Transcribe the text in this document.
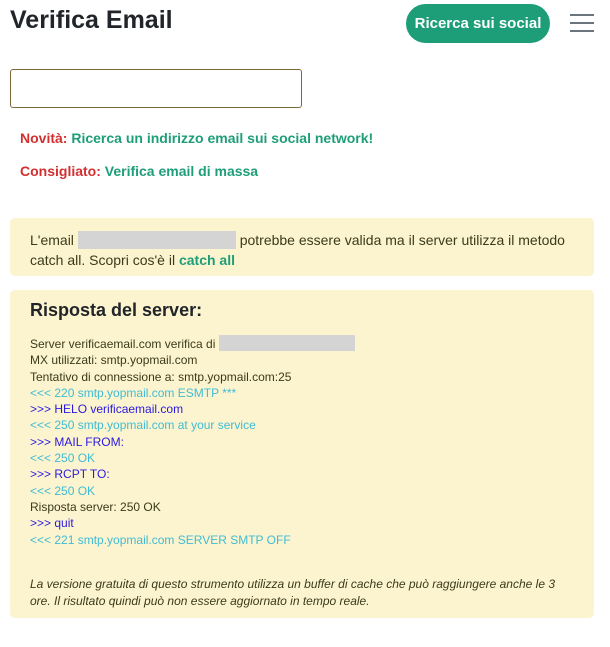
Verifica Email	Ricerca sui social
Novità: Ricerca un indirizzo email sui social network!
Consigliato: Verifica email di massa
L'email	potrebbe essere valida ma il server utilizza il metodo catch all. Scopri cos'è il catch all
Risposta del server:
Server verificaemail.com verifica di
MX utilizzati: smtp.yopmail.com
Tentativo di connessione a: smtp.yopmail.com:25
<<< 220 smtp.yopmail.com ESMTP ***
>>> HELO verificaemail.com
<<< 250 smtp.yopmail.com at your service
>>> MAIL FROM:
<<< 250 OK
>>> RCPT TO:
<<< 250 OK
Risposta server: 250 OK
>>> quit
<<< 221 smtp.yopmail.com SERVER SMTP OFF
La versione gratuita di questo strumento utilizza un buffer di cache che può raggiungere anche le 3 ore. Il risultato quindi può non essere aggiornato in tempo reale.
